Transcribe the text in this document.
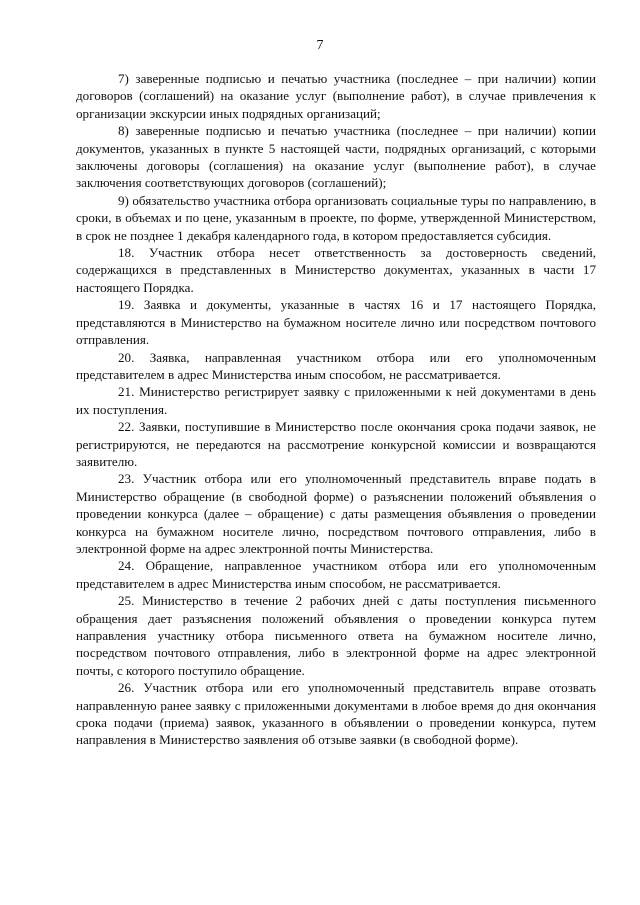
7

7) заверенные подписью и печатью участника (последнее – при наличии) копии договоров (соглашений) на оказание услуг (выполнение работ), в случае привлечения к организации экскурсии иных подрядных организаций;

8) заверенные подписью и печатью участника (последнее – при наличии) копии документов, указанных в пункте 5 настоящей части, подрядных организаций, с которыми заключены договоры (соглашения) на оказание услуг (выполнение работ), в случае заключения соответствующих договоров (соглашений);

9) обязательство участника отбора организовать социальные туры по направлению, в сроки, в объемах и по цене, указанным в проекте, по форме, утвержденной Министерством, в срок не позднее 1 декабря календарного года, в котором предоставляется субсидия.

18. Участник отбора несет ответственность за достоверность сведений, содержащихся в представленных в Министерство документах, указанных в части 17 настоящего Порядка.

19. Заявка и документы, указанные в частях 16 и 17 настоящего Порядка, представляются в Министерство на бумажном носителе лично или посредством почтового отправления.

20. Заявка, направленная участником отбора или его уполномоченным представителем в адрес Министерства иным способом, не рассматривается.

21. Министерство регистрирует заявку с приложенными к ней документами в день их поступления.

22. Заявки, поступившие в Министерство после окончания срока подачи заявок, не регистрируются, не передаются на рассмотрение конкурсной комиссии и возвращаются заявителю.

23. Участник отбора или его уполномоченный представитель вправе подать в Министерство обращение (в свободной форме) о разъяснении положений объявления о проведении конкурса (далее – обращение) с даты размещения объявления о проведении конкурса на бумажном носителе лично, посредством почтового отправления, либо в электронной форме на адрес электронной почты Министерства.

24. Обращение, направленное участником отбора или его уполномоченным представителем в адрес Министерства иным способом, не рассматривается.

25. Министерство в течение 2 рабочих дней с даты поступления письменного обращения дает разъяснения положений объявления о проведении конкурса путем направления участнику отбора письменного ответа на бумажном носителе лично, посредством почтового отправления, либо в электронной форме на адрес электронной почты, с которого поступило обращение.

26. Участник отбора или его уполномоченный представитель вправе отозвать направленную ранее заявку с приложенными документами в любое время до дня окончания срока подачи (приема) заявок, указанного в объявлении о проведении конкурса, путем направления в Министерство заявления об отзыве заявки (в свободной форме).
